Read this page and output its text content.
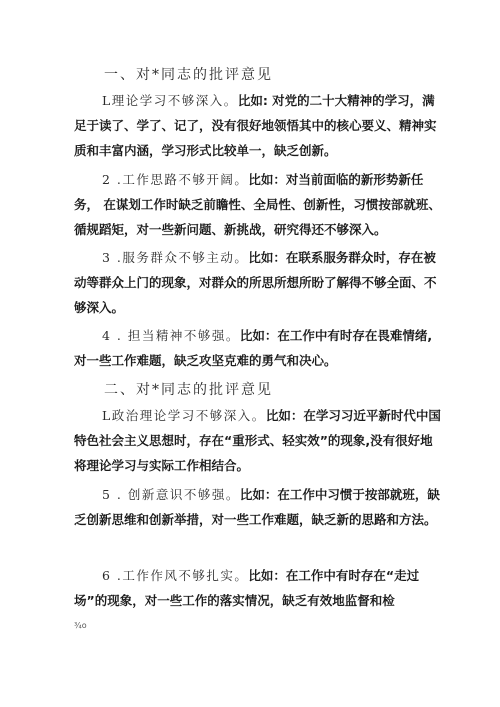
一、对*同志的批评意见

L理论学习不够深入。比如: 对党的二十大精神的学习，满足于读了、学了、记了，没有很好地领悟其中的核心要义、精神实质和丰富内涵，学习形式比较单一，缺乏创新。

2 .工作思路不够开阔。比如：对当前面临的新形势新任务， 在谋划工作时缺乏前瞻性、全局性、创新性，习惯按部就班、循规蹈矩，对一些新问题、新挑战，研究得还不够深入。

3 .服务群众不够主动。比如：在联系服务群众时，存在被动等群众上门的现象，对群众的所思所想所盼了解得不够全面、不够深入。

4 . 担当精神不够强。比如：在工作中有时存在畏难情绪,对一些工作难题，缺乏攻坚克难的勇气和决心。

二、对*同志的批评意见

L政治理论学习不够深入。比如：在学习习近平新时代中国特色社会主义思想时，存在“重形式、轻实效”的现象,没有很好地将理论学习与实际工作相结合。

5 . 创新意识不够强。比如：在工作中习惯于按部就班，缺乏创新思维和创新举措，对一些工作难题，缺乏新的思路和方法。

6 .工作作风不够扎实。比如：在工作中有时存在“走过场”的现象，对一些工作的落实情况，缺乏有效地监督和检

¾o
